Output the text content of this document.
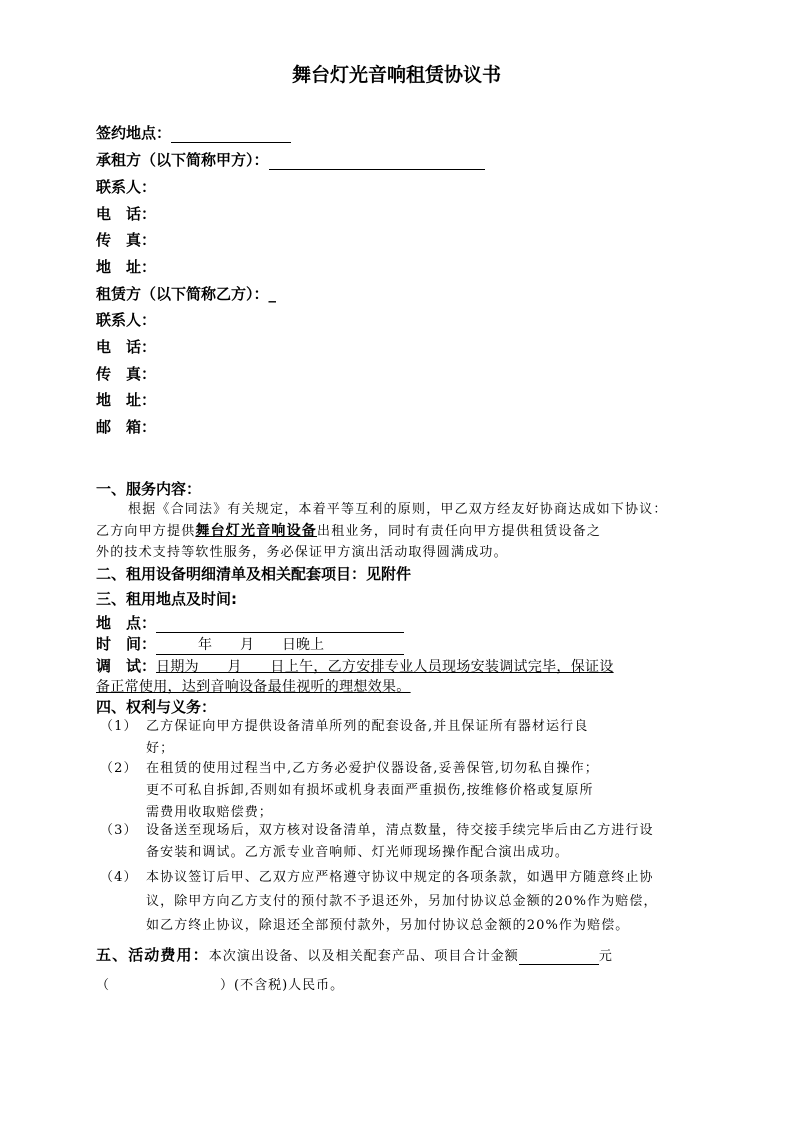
舞台灯光音响租赁协议书
签约地点：
承租方（以下简称甲方）：
联系人：
电　话：
传　真：
地　址：
租赁方（以下简称乙方）：_
联系人：
电　话：
传　真：
地　址：
邮　箱：
一、服务内容：
根据《合同法》有关规定，本着平等互利的原则，甲乙双方经友好协商达成如下协议：
乙方向甲方提供舞台灯光音响设备出租业务，同时有责任向甲方提供租赁设备之
外的技术支持等软性服务，务必保证甲方演出活动取得圆满成功。
二、租用设备明细清单及相关配套项目：见附件
三、租用地点及时间:
地　点：
时　间：　　　年　　月　　日晚上
调　试：日期为　　月　　日上午，乙方安排专业人员现场安装调试完毕，保证设
备正常使用，达到音响设备最佳视听的理想效果。
四、权利与义务：
（1） 乙方保证向甲方提供设备清单所列的配套设备,并且保证所有器材运行良
好；
（2） 在租赁的使用过程当中,乙方务必爱护仪器设备,妥善保管,切勿私自操作；
更不可私自拆卸,否则如有损坏或机身表面严重损伤,按维修价格或复原所
需费用收取赔偿费；
（3） 设备送至现场后，双方核对设备清单，清点数量，待交接手续完毕后由乙方进行设
备安装和调试。乙方派专业音响师、灯光师现场操作配合演出成功。
（4） 本协议签订后甲、乙双方应严格遵守协议中规定的各项条款，如遇甲方随意终止协
议，除甲方向乙方支付的预付款不予退还外，另加付协议总金额的20%作为赔偿，
如乙方终止协议，除退还全部预付款外，另加付协议总金额的20%作为赔偿。
五、活动费用：本次演出设备、以及相关配套产品、项目合计金额	元
（	）(不含税)人民币。
